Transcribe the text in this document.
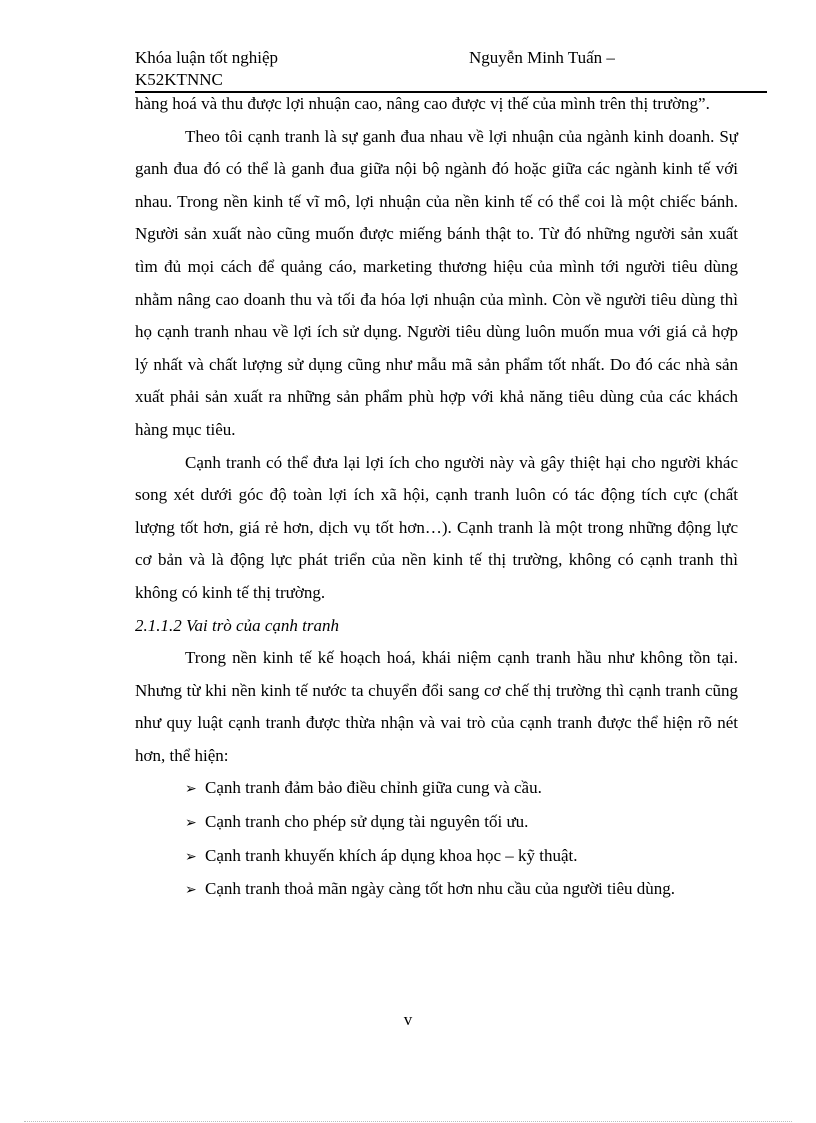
Khóa luận tốt nghiệp
K52KTNNC
Nguyễn Minh Tuấn –

hàng hoá và thu được lợi nhuận cao, nâng cao được vị thế của mình trên thị trường”.

Theo tôi cạnh tranh là sự ganh đua nhau về lợi nhuận của ngành kinh doanh. Sự ganh đua đó có thể là ganh đua giữa nội bộ ngành đó hoặc giữa các ngành kinh tế với nhau. Trong nền kinh tế vĩ mô, lợi nhuận của nền kinh tế có thể coi là một chiếc bánh. Người sản xuất nào cũng muốn được miếng bánh thật to. Từ đó những người sản xuất tìm đủ mọi cách để quảng cáo, marketing thương hiệu của mình tới người tiêu dùng nhằm nâng cao doanh thu và tối đa hóa lợi nhuận của mình. Còn về người tiêu dùng thì họ cạnh tranh nhau về lợi ích sử dụng. Người tiêu dùng luôn muốn mua với giá cả hợp lý nhất và chất lượng sử dụng cũng như mẫu mã sản phẩm tốt nhất. Do đó các nhà sản xuất phải sản xuất ra những sản phẩm phù hợp với khả năng tiêu dùng của các khách hàng mục tiêu.

Cạnh tranh có thể đưa lại lợi ích cho người này và gây thiệt hại cho người khác song xét dưới góc độ toàn lợi ích xã hội, cạnh tranh luôn có tác động tích cực (chất lượng tốt hơn, giá rẻ hơn, dịch vụ tốt hơn…). Cạnh tranh là một trong những động lực cơ bản và là động lực phát triển của nền kinh tế thị trường, không có cạnh tranh thì không có kinh tế thị trường.

2.1.1.2 Vai trò của cạnh tranh

Trong nền kinh tế kế hoạch hoá, khái niệm cạnh tranh hầu như không tồn tại. Nhưng từ khi nền kinh tế nước ta chuyển đổi sang cơ chế thị trường thì cạnh tranh cũng như quy luật cạnh tranh được thừa nhận và vai trò của cạnh tranh được thể hiện rõ nét hơn, thể hiện:

➢ Cạnh tranh đảm bảo điều chỉnh giữa cung và cầu.
➢ Cạnh tranh cho phép sử dụng tài nguyên tối ưu.
➢ Cạnh tranh khuyến khích áp dụng khoa học – kỹ thuật.
➢ Cạnh tranh thoả mãn ngày càng tốt hơn nhu cầu của người tiêu dùng.
v
